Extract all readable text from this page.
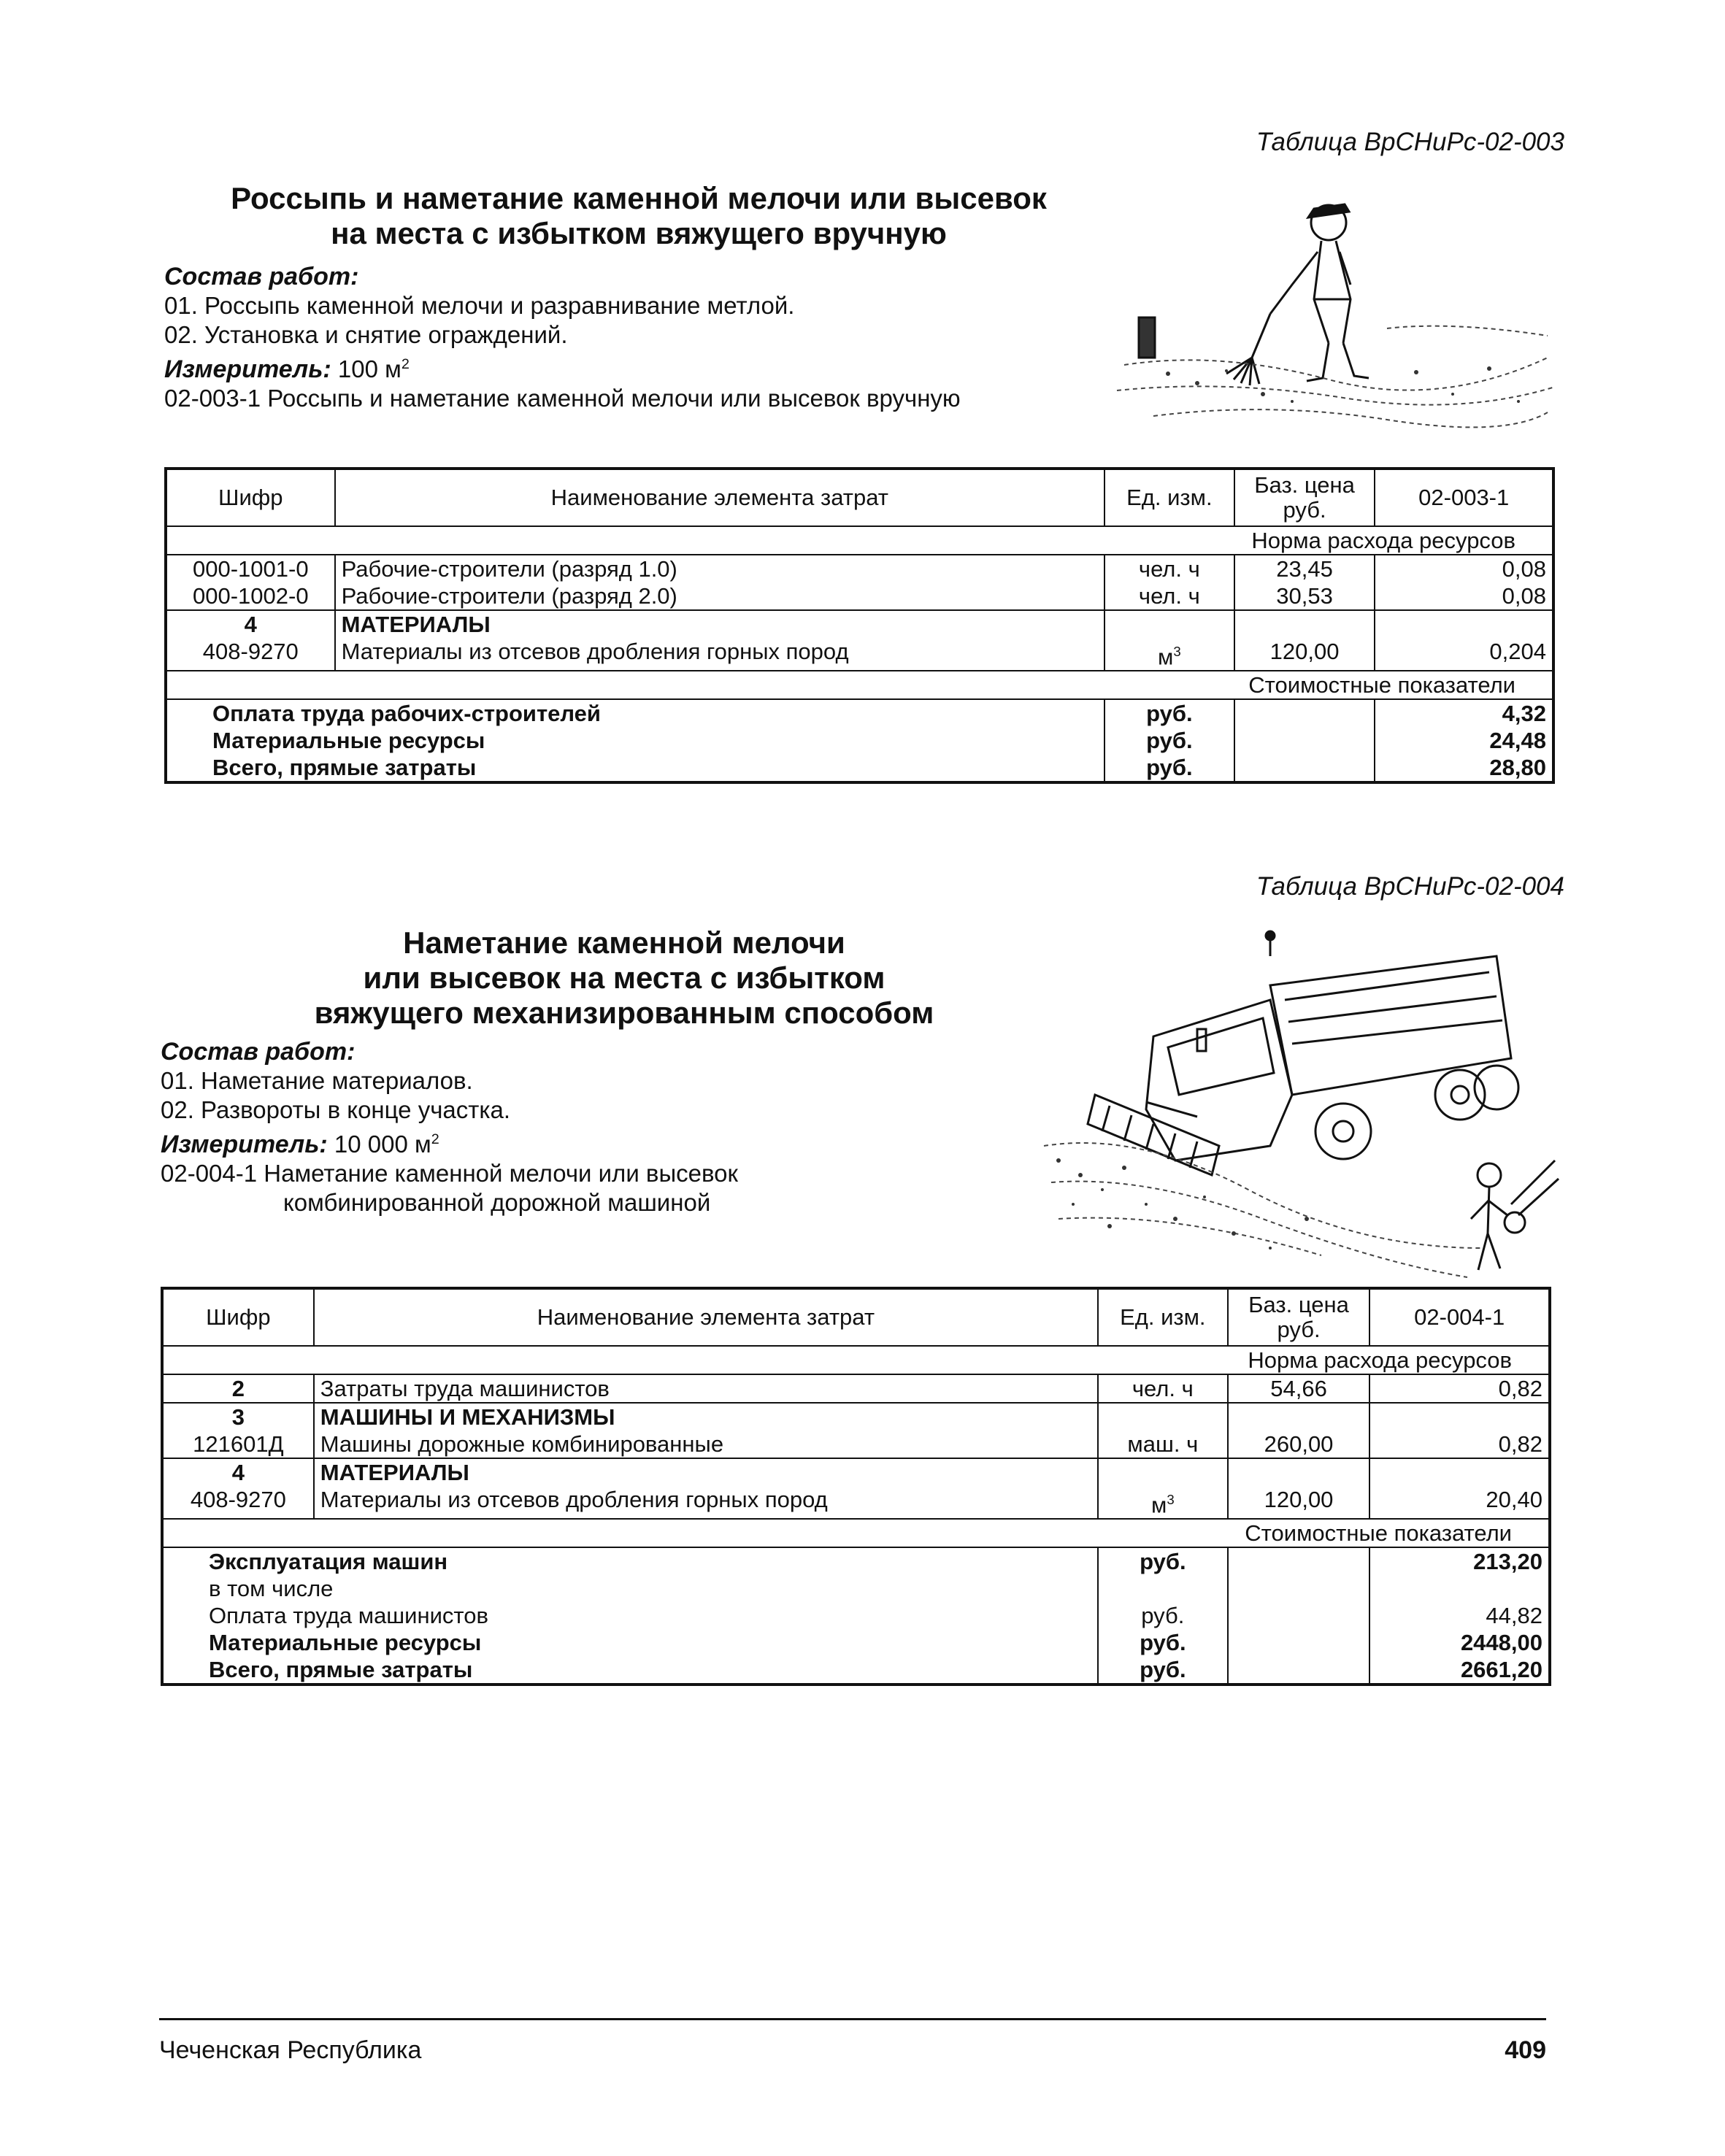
Таблица ВрСНиРс-02-003
Россыпь и наметание каменной мелочи или высевок
на места с избытком вяжущего вручную
Состав работ:
01. Россыпь каменной мелочи и разравнивание метлой.
02. Установка и снятие ограждений.
Измеритель: 100 $м^2$
02-003-1 Россыпь и наметание каменной мелочи или высевок вручную
Шифр	Наименование элемента затрат	Ед. изм.	Баз. цена руб.	02-003-1
Норма расхода ресурсов				
000-1001-0	Рабочие-строители (разряд 1.0)	чел. ч	23,45	0,08
000-1002-0	Рабочие-строители (разряд 2.0)	чел. ч	30,53	0,08
4	МАТЕРИАЛЫ			
408-9270	Материалы из отсевов дробления горных пород	$м^3$	120,00	0,204
Стоимостные показатели				
Оплата труда рабочих-строителей		руб.		4,32
Материальные ресурсы		руб.		24,48
Всего, прямые затраты		руб.		28,80
Таблица ВрСНиРс-02-004
Наметание каменной мелочи
или высевок на места с избытком
вяжущего механизированным способом
Состав работ:
01. Наметание материалов.
02. Развороты в конце участка.
Измеритель: 10 000 $м^2$
02-004-1 Наметание каменной мелочи или высевок
комбинированной дорожной машиной
Шифр	Наименование элемента затрат	Ед. изм.	Баз. цена руб.	02-004-1
Норма расхода ресурсов				
2	Затраты труда машинистов	чел. ч	54,66	0,82
3	МАШИНЫ И МЕХАНИЗМЫ			
121601Д	Машины дорожные комбинированные	маш. ч	260,00	0,82
4	МАТЕРИАЛЫ			
408-9270	Материалы из отсевов дробления горных пород	$м^3$	120,00	20,40
Стоимостные показатели				
Эксплуатация машин		руб.		213,20
в том числе				
Оплата труда машинистов		руб.		44,82
Материальные ресурсы		руб.		2448,00
Всего, прямые затраты		руб.		2661,20
Чеченская Республика	409
